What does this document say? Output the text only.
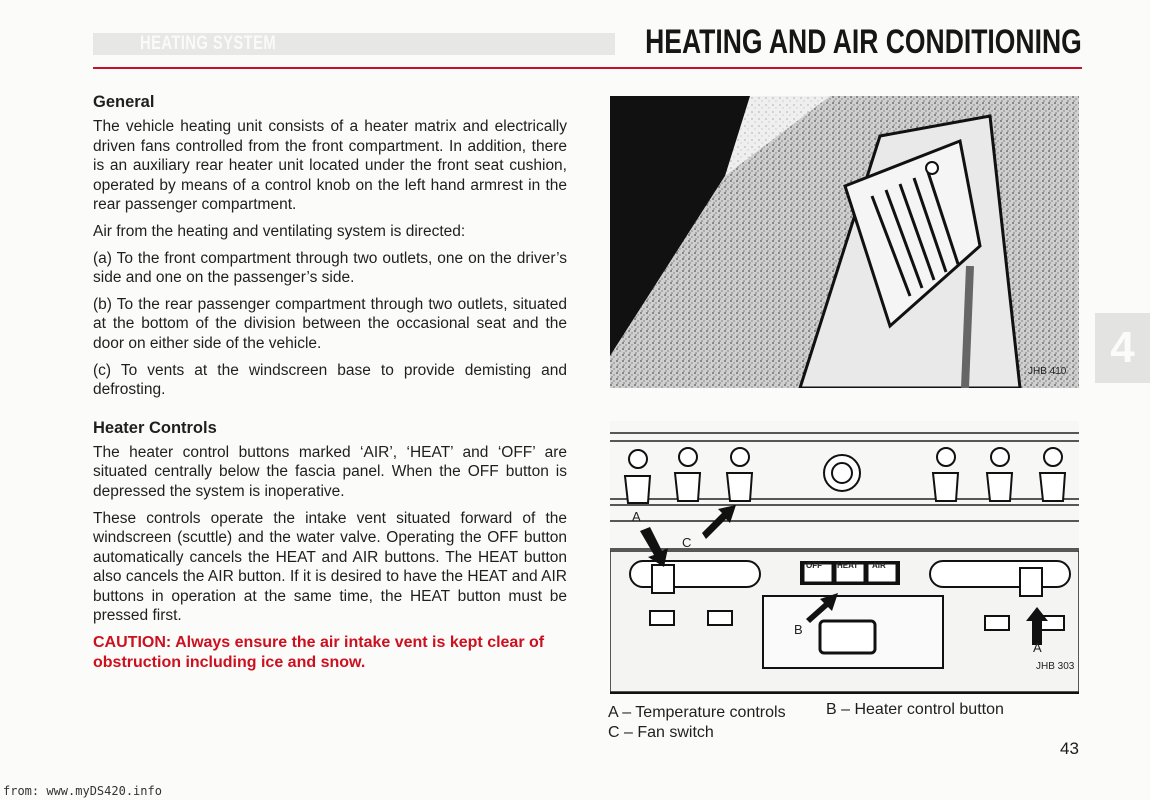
HEATING SYSTEM	HEATING AND AIR CONDITIONING
General

The vehicle heating unit consists of a heater matrix and electrically driven fans controlled from the front compartment. In addition, there is an auxiliary rear heater unit located under the front seat cushion, operated by means of a control knob on the left hand armrest in the rear passenger compartment.

Air from the heating and ventilating system is directed:

(a) To the front compartment through two outlets, one on the driver’s side and one on the passenger’s side.

(b) To the rear passenger compartment through two outlets, situated at the bottom of the division between the occasional seat and the door on either side of the vehicle.

(c) To vents at the windscreen base to provide demisting and defrosting.

Heater Controls

The heater control buttons marked ‘AIR’, ‘HEAT’ and ‘OFF’ are situated centrally below the fascia panel. When the OFF button is depressed the system is inoperative.

These controls operate the intake vent situated forward of the windscreen (scuttle) and the water valve. Operating the OFF button automatically cancels the HEAT and AIR buttons. The HEAT button also cancels the AIR button. If it is desired to have the HEAT and AIR buttons in operation at the same time, the HEAT button must be pressed first.

CAUTION: Always ensure the air intake vent is kept clear of obstruction including ice and snow.
JHB 410
OFF HEAT AIR
A
C
B
A
JHB 303
A – Temperature controls	B – Heater control button
C – Fan switch
4
43
from: www.myDS420.info
